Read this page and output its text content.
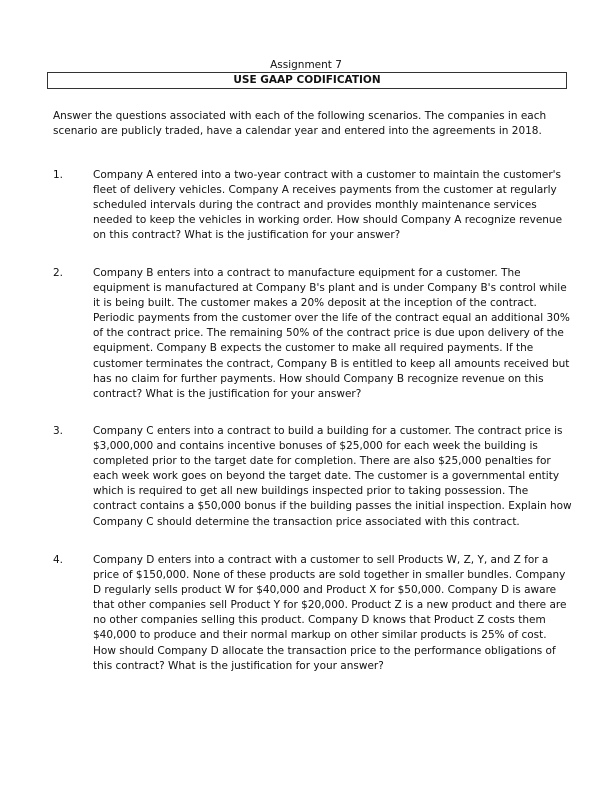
Assignment 7
USE GAAP CODIFICATION
Answer the questions associated with each of the following scenarios. The companies in each scenario are publicly traded, have a calendar year and entered into the agreements in 2018.
1.	Company A entered into a two-year contract with a customer to maintain the customer's fleet of delivery vehicles. Company A receives payments from the customer at regularly scheduled intervals during the contract and provides monthly maintenance services needed to keep the vehicles in working order. How should Company A recognize revenue on this contract? What is the justification for your answer?
2.	Company B enters into a contract to manufacture equipment for a customer. The equipment is manufactured at Company B's plant and is under Company B's control while it is being built. The customer makes a 20% deposit at the inception of the contract. Periodic payments from the customer over the life of the contract equal an additional 30% of the contract price. The remaining 50% of the contract price is due upon delivery of the equipment. Company B expects the customer to make all required payments. If the customer terminates the contract, Company B is entitled to keep all amounts received but has no claim for further payments. How should Company B recognize revenue on this contract? What is the justification for your answer?
3.	Company C enters into a contract to build a building for a customer. The contract price is $3,000,000 and contains incentive bonuses of $25,000 for each week the building is completed prior to the target date for completion. There are also $25,000 penalties for each week work goes on beyond the target date. The customer is a governmental entity which is required to get all new buildings inspected prior to taking possession. The contract contains a $50,000 bonus if the building passes the initial inspection. Explain how Company C should determine the transaction price associated with this contract.
4.	Company D enters into a contract with a customer to sell Products W, Z, Y, and Z for a price of $150,000. None of these products are sold together in smaller bundles. Company D regularly sells product W for $40,000 and Product X for $50,000. Company D is aware that other companies sell Product Y for $20,000. Product Z is a new product and there are no other companies selling this product. Company D knows that Product Z costs them $40,000 to produce and their normal markup on other similar products is 25% of cost. How should Company D allocate the transaction price to the performance obligations of this contract? What is the justification for your answer?
